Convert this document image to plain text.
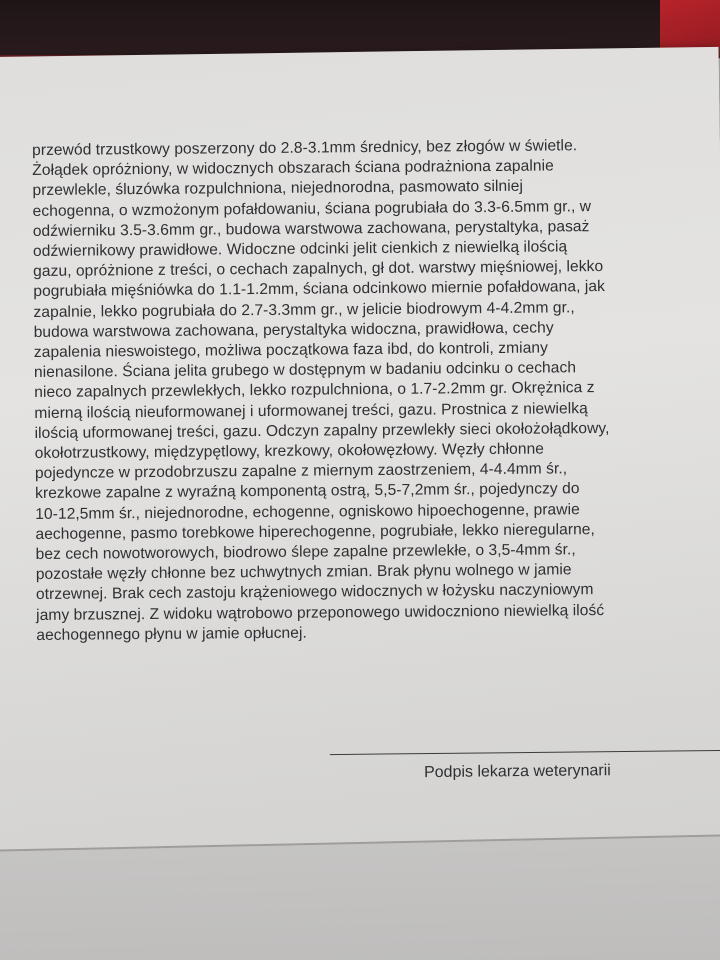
przewód trzustkowy poszerzony do 2.8-3.1mm średnicy, bez złogów w świetle.
Żołądek opróżniony, w widocznych obszarach ściana podrażniona zapalnie
przewlekle, śluzówka rozpulchniona, niejednorodna, pasmowato silniej
echogenna, o wzmożonym pofałdowaniu, ściana pogrubiała do 3.3-6.5mm gr., w
odźwierniku 3.5-3.6mm gr., budowa warstwowa zachowana, perystaltyka, pasaż
odźwiernikowy prawidłowe. Widoczne odcinki jelit cienkich z niewielką ilością
gazu, opróżnione z treści, o cechach zapalnych, gł dot. warstwy mięśniowej, lekko
pogrubiała mięśniówka do 1.1-1.2mm, ściana odcinkowo miernie pofałdowana, jak
zapalnie, lekko pogrubiała do 2.7-3.3mm gr., w jelicie biodrowym 4-4.2mm gr.,
budowa warstwowa zachowana, perystaltyka widoczna, prawidłowa, cechy
zapalenia nieswoistego, możliwa początkowa faza ibd, do kontroli, zmiany
nienasilone. Ściana jelita grubego w dostępnym w badaniu odcinku o cechach
nieco zapalnych przewlekłych, lekko rozpulchniona, o 1.7-2.2mm gr. Okrężnica z
mierną ilością nieuformowanej i uformowanej treści, gazu. Prostnica z niewielką
ilością uformowanej treści, gazu. Odczyn zapalny przewlekły sieci okołożołądkowy,
okołotrzustkowy, międzypętlowy, krezkowy, okołowęzłowy. Węzły chłonne
pojedyncze w przodobrzuszu zapalne z miernym zaostrzeniem, 4-4.4mm śr.,
krezkowe zapalne z wyraźną komponentą ostrą, 5,5-7,2mm śr., pojedynczy do
10-12,5mm śr., niejednorodne, echogenne, ogniskowo hipoechogenne, prawie
aechogenne, pasmo torebkowe hiperechogenne, pogrubiałe, lekko nieregularne,
bez cech nowotworowych, biodrowo ślepe zapalne przewlekłe, o 3,5-4mm śr.,
pozostałe węzły chłonne bez uchwytnych zmian. Brak płynu wolnego w jamie
otrzewnej. Brak cech zastoju krążeniowego widocznych w łożysku naczyniowym
jamy brzusznej. Z widoku wątrobowo przeponowego uwidoczniono niewielką ilość
aechogennego płynu w jamie opłucnej.
Podpis lekarza weterynarii
